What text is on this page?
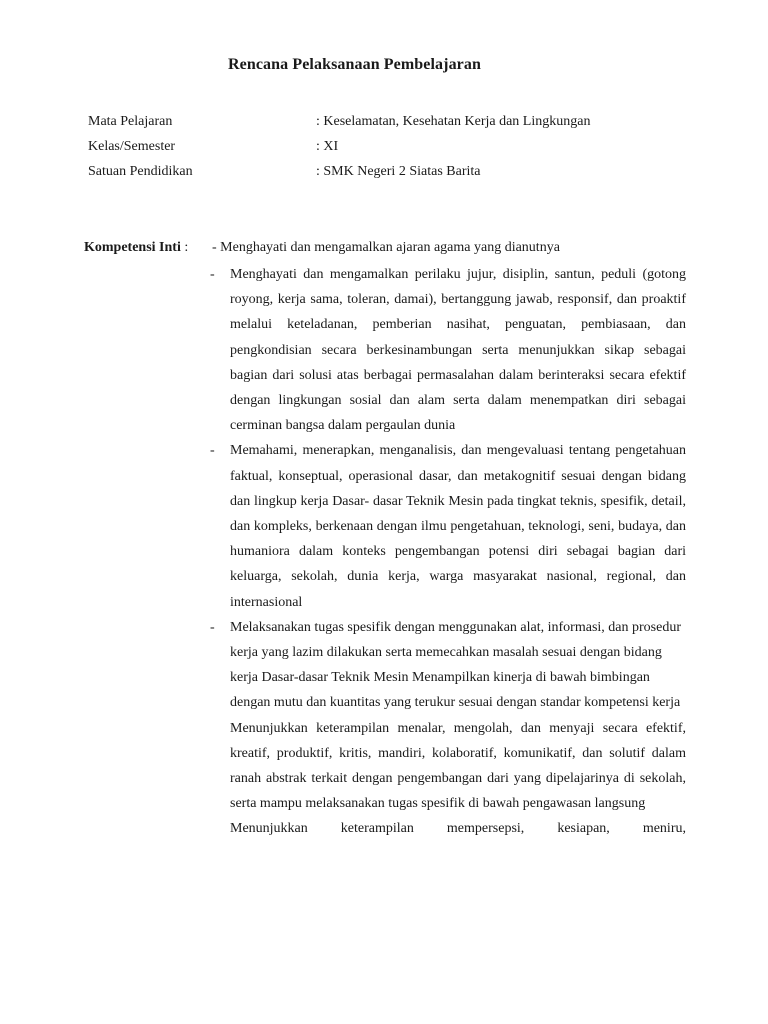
Rencana Pelaksanaan Pembelajaran
Mata Pelajaran	: Keselamatan, Kesehatan Kerja dan Lingkungan
Kelas/Semester	: XI
Satuan Pendidikan	: SMK Negeri 2 Siatas Barita
Kompetensi Inti : - Menghayati dan mengamalkan ajaran agama yang dianutnya
- Menghayati dan mengamalkan perilaku jujur, disiplin, santun, peduli (gotong royong, kerja sama, toleran, damai), bertanggung jawab, responsif, dan proaktif melalui keteladanan, pemberian nasihat, penguatan, pembiasaan, dan pengkondisian secara berkesinambungan serta menunjukkan sikap sebagai bagian dari solusi atas berbagai permasalahan dalam berinteraksi secara efektif dengan lingkungan sosial dan alam serta dalam menempatkan diri sebagai cerminan bangsa dalam pergaulan dunia
- Memahami, menerapkan, menganalisis, dan mengevaluasi tentang pengetahuan faktual, konseptual, operasional dasar, dan metakognitif sesuai dengan bidang dan lingkup kerja Dasar- dasar Teknik Mesin pada tingkat teknis, spesifik, detail, dan kompleks, berkenaan dengan ilmu pengetahuan, teknologi, seni, budaya, dan humaniora dalam konteks pengembangan potensi diri sebagai bagian dari keluarga, sekolah, dunia kerja, warga masyarakat nasional, regional, dan internasional
- Melaksanakan tugas spesifik dengan menggunakan alat, informasi, dan prosedur kerja yang lazim dilakukan serta memecahkan masalah sesuai dengan bidang kerja Dasar-dasar Teknik Mesin Menampilkan kinerja di bawah bimbingan dengan mutu dan kuantitas yang terukur sesuai dengan standar kompetensi kerja
Menunjukkan keterampilan menalar, mengolah, dan menyaji secara efektif, kreatif, produktif, kritis, mandiri, kolaboratif, komunikatif, dan solutif dalam ranah abstrak terkait dengan pengembangan dari yang dipelajarinya di sekolah, serta mampu melaksanakan tugas spesifik di bawah pengawasan langsung
Menunjukkan keterampilan mempersepsi, kesiapan, meniru,
